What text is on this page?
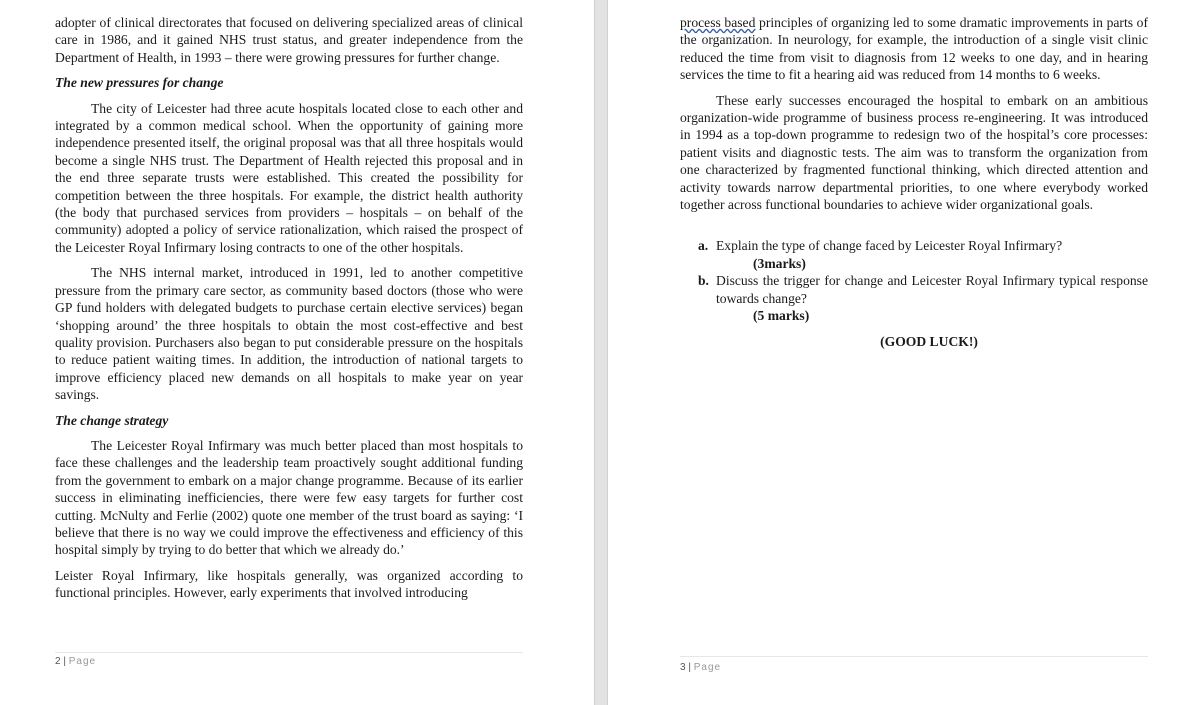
adopter of clinical directorates that focused on delivering specialized areas of clinical care in 1986, and it gained NHS trust status, and greater independence from the Department of Health, in 1993 – there were growing pressures for further change.

The new pressures for change

The city of Leicester had three acute hospitals located close to each other and integrated by a common medical school. When the opportunity of gaining more independence presented itself, the original proposal was that all three hospitals would become a single NHS trust. The Department of Health rejected this proposal and in the end three separate trusts were established. This created the possibility for competition between the three hospitals. For example, the district health authority (the body that purchased services from providers – hospitals – on behalf of the community) adopted a policy of service rationalization, which raised the prospect of the Leicester Royal Infirmary losing contracts to one of the other hospitals.

The NHS internal market, introduced in 1991, led to another competitive pressure from the primary care sector, as community based doctors (those who were GP fund holders with delegated budgets to purchase certain elective services) began ‘shopping around’ the three hospitals to obtain the most cost-effective and best quality provision. Purchasers also began to put considerable pressure on the hospitals to reduce patient waiting times. In addition, the introduction of national targets to improve efficiency placed new demands on all hospitals to make year on year savings.

The change strategy

The Leicester Royal Infirmary was much better placed than most hospitals to face these challenges and the leadership team proactively sought additional funding from the government to embark on a major change programme. Because of its earlier success in eliminating inefficiencies, there were few easy targets for further cost cutting. McNulty and Ferlie (2002) quote one member of the trust board as saying: ‘I believe that there is no way we could improve the effectiveness and efficiency of this hospital simply by trying to do better that which we already do.’

Leister Royal Infirmary, like hospitals generally, was organized according to functional principles. However, early experiments that involved introducing

2 | Page

process based principles of organizing led to some dramatic improvements in parts of the organization. In neurology, for example, the introduction of a single visit clinic reduced the time from visit to diagnosis from 12 weeks to one day, and in hearing services the time to fit a hearing aid was reduced from 14 months to 6 weeks.

These early successes encouraged the hospital to embark on an ambitious organization-wide programme of business process re-engineering. It was introduced in 1994 as a top-down programme to redesign two of the hospital’s core processes: patient visits and diagnostic tests. The aim was to transform the organization from one characterized by fragmented functional thinking, which directed attention and activity towards narrow departmental priorities, to one where everybody worked together across functional boundaries to achieve wider organizational goals.

a. Explain the type of change faced by Leicester Royal Infirmary?
(3marks)
b. Discuss the trigger for change and Leicester Royal Infirmary typical response towards change?
(5 marks)
(GOOD LUCK!)
3 | Page
